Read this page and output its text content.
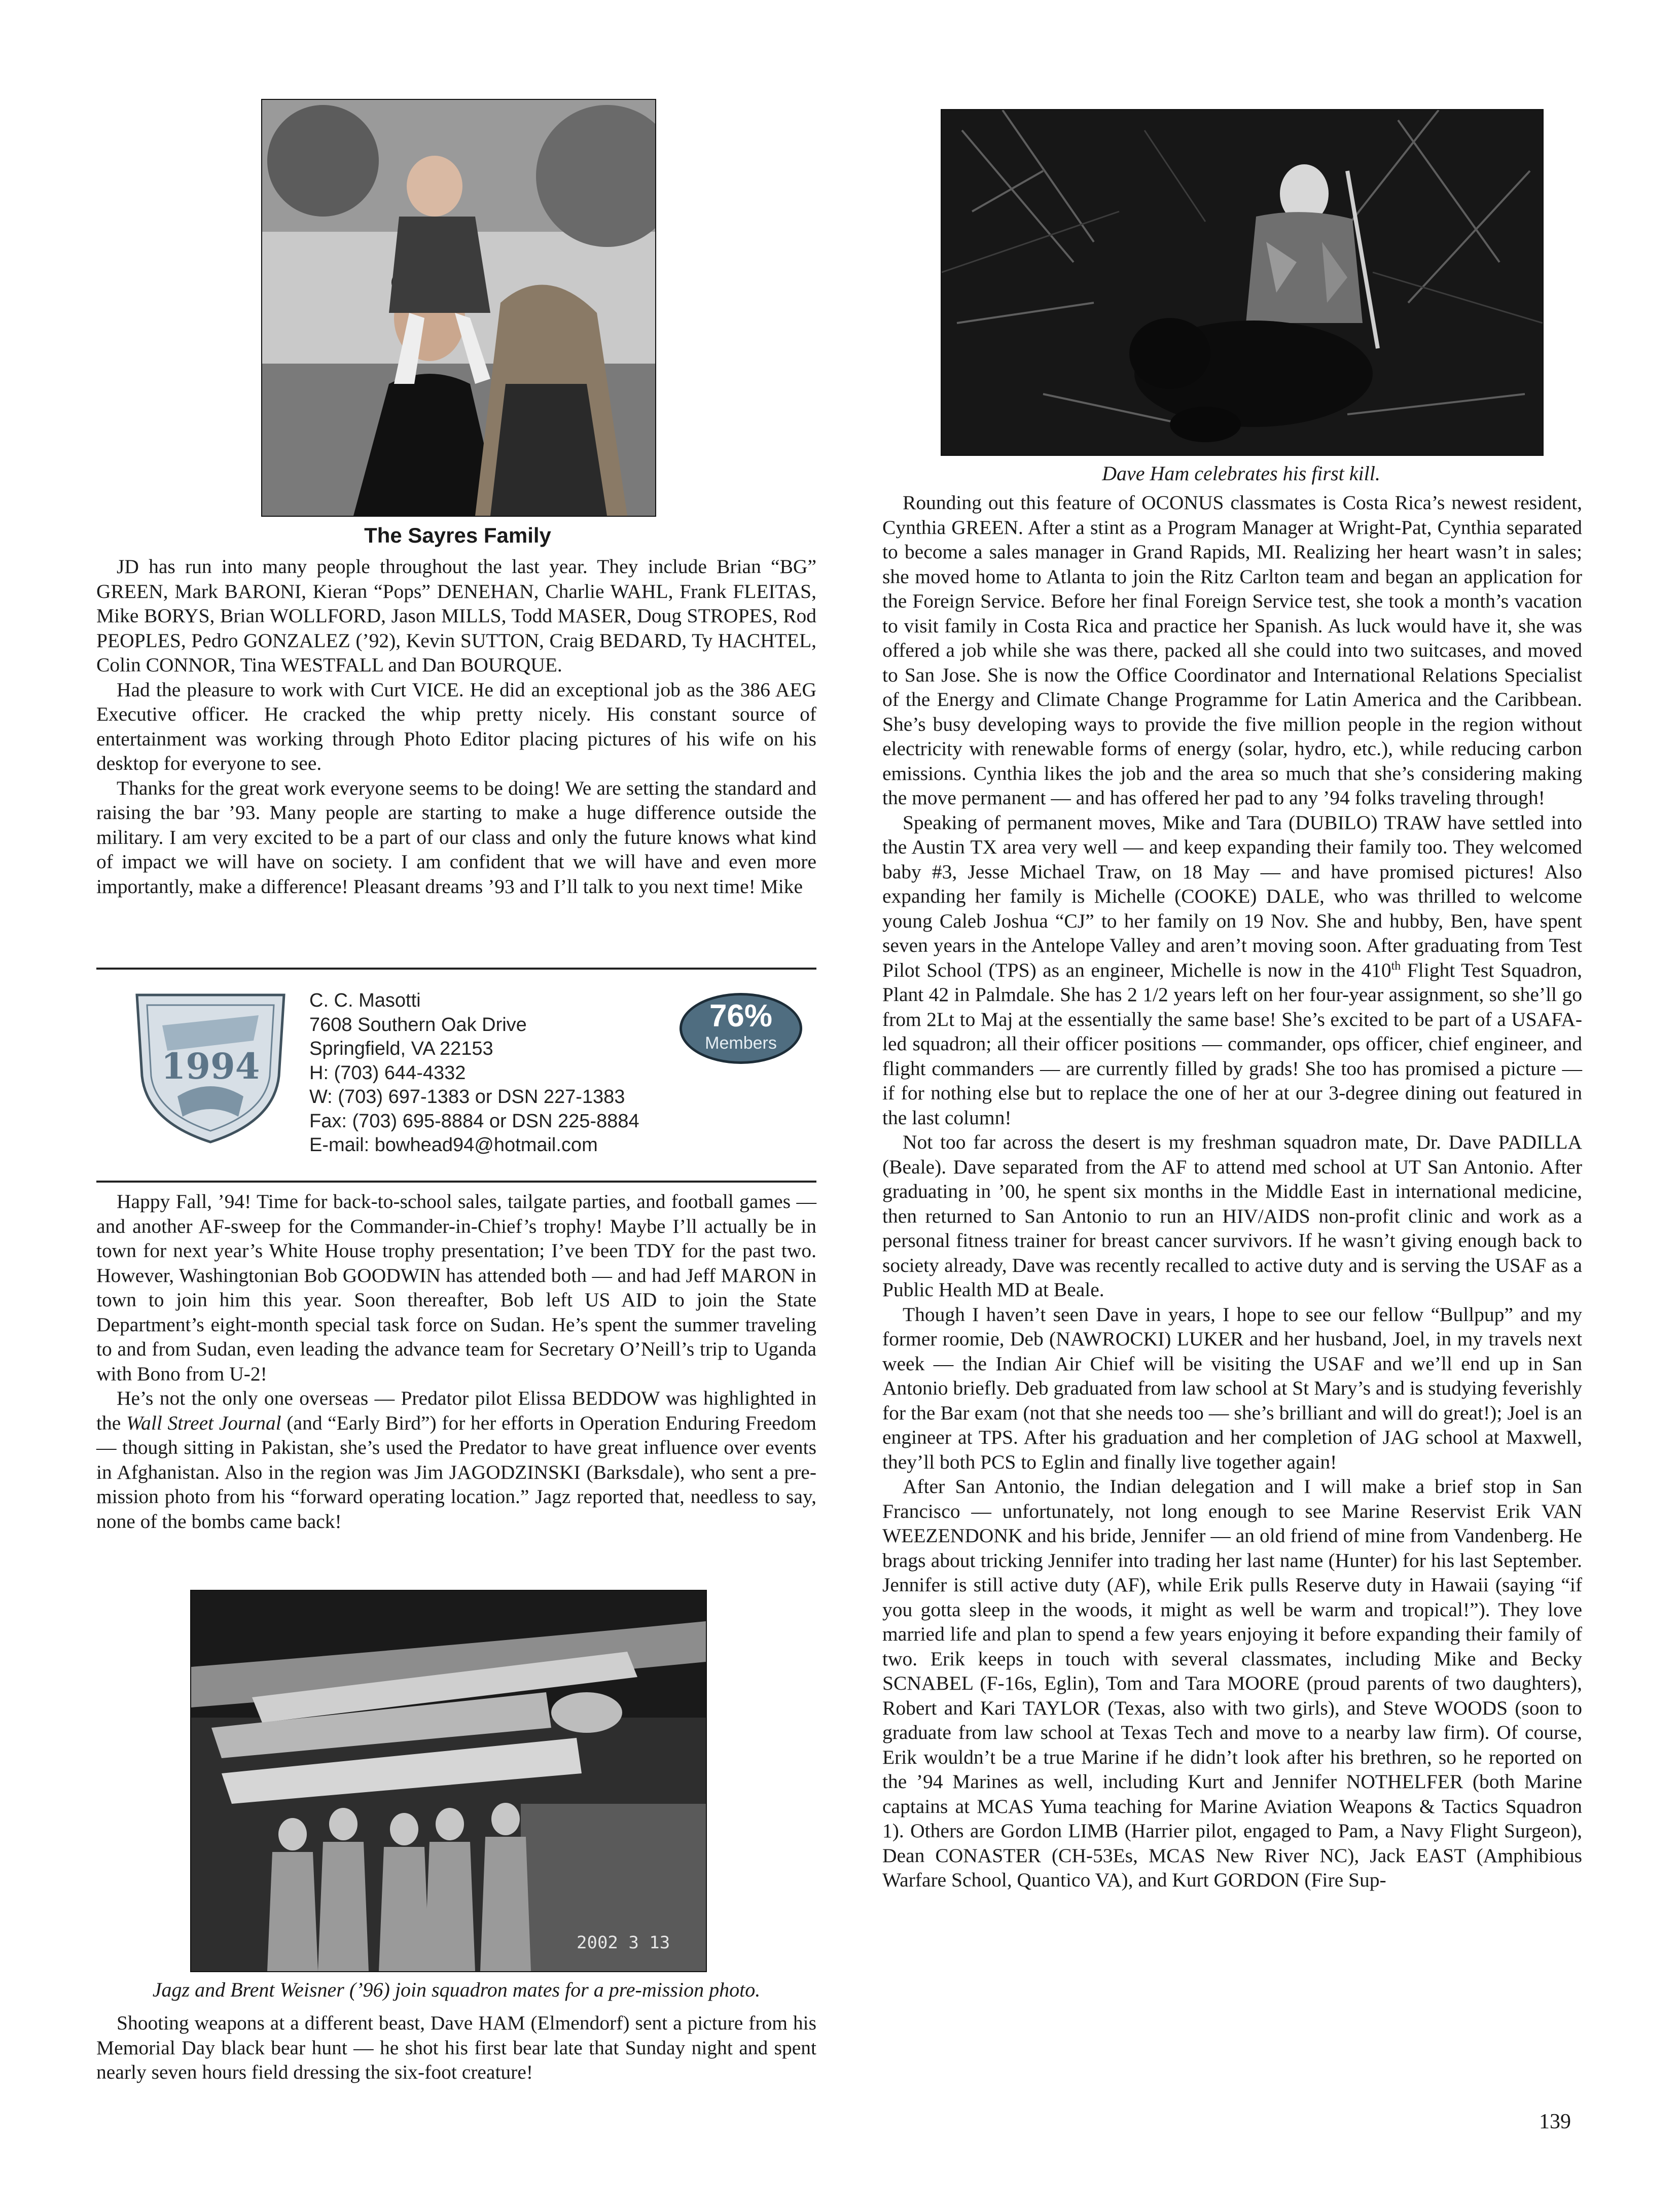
The Sayres Family

JD has run into many people throughout the last year. They include Brian “BG” GREEN, Mark BARONI, Kieran “Pops” DENEHAN, Charlie WAHL, Frank FLEITAS, Mike BORYS, Brian WOLLFORD, Jason MILLS, Todd MASER, Doug STROPES, Rod PEOPLES, Pedro GONZALEZ (’92), Kevin SUTTON, Craig BEDARD, Ty HACHTEL, Colin CONNOR, Tina WESTFALL and Dan BOURQUE.

Had the pleasure to work with Curt VICE. He did an exceptional job as the 386 AEG Executive officer. He cracked the whip pretty nicely. His constant source of entertainment was working through Photo Editor placing pictures of his wife on his desktop for everyone to see.

Thanks for the great work everyone seems to be doing! We are setting the standard and raising the bar ’93. Many people are starting to make a huge difference outside the military. I am very excited to be a part of our class and only the future knows what kind of impact we will have on society. I am confident that we will have and even more importantly, make a difference! Pleasant dreams ’93 and I’ll talk to you next time! Mike

1994
C. C. Masotti
7608 Southern Oak Drive
Springfield, VA 22153
H: (703) 644-4332
W: (703) 697-1383 or DSN 227-1383
Fax: (703) 695-8884 or DSN 225-8884
E-mail: bowhead94@hotmail.com
76%
Members

Happy Fall, ’94! Time for back-to-school sales, tailgate parties, and football games — and another AF-sweep for the Commander-in-Chief’s trophy! Maybe I’ll actually be in town for next year’s White House trophy presentation; I’ve been TDY for the past two. However, Washingtonian Bob GOODWIN has attended both — and had Jeff MARON in town to join him this year. Soon thereafter, Bob left US AID to join the State Department’s eight-month special task force on Sudan. He’s spent the summer traveling to and from Sudan, even leading the advance team for Secretary O’Neill’s trip to Uganda with Bono from U-2!

He’s not the only one overseas — Predator pilot Elissa BEDDOW was highlighted in the Wall Street Journal (and “Early Bird”) for her efforts in Operation Enduring Freedom — though sitting in Pakistan, she’s used the Predator to have great influence over events in Afghanistan. Also in the region was Jim JAGODZINSKI (Barksdale), who sent a pre-mission photo from his “forward operating location.” Jagz reported that, needless to say, none of the bombs came back!

2002 3 13
Jagz and Brent Weisner (’96) join squadron mates for a pre-mission photo.

Shooting weapons at a different beast, Dave HAM (Elmendorf) sent a picture from his Memorial Day black bear hunt — he shot his first bear late that Sunday night and spent nearly seven hours field dressing the six-foot creature!

Dave Ham celebrates his first kill.

Rounding out this feature of OCONUS classmates is Costa Rica’s newest resident, Cynthia GREEN. After a stint as a Program Manager at Wright-Pat, Cynthia separated to become a sales manager in Grand Rapids, MI. Realizing her heart wasn’t in sales; she moved home to Atlanta to join the Ritz Carlton team and began an application for the Foreign Service. Before her final Foreign Service test, she took a month’s vacation to visit family in Costa Rica and practice her Spanish. As luck would have it, she was offered a job while she was there, packed all she could into two suitcases, and moved to San Jose. She is now the Office Coordinator and International Relations Specialist of the Energy and Climate Change Programme for Latin America and the Caribbean. She’s busy developing ways to provide the five million people in the region without electricity with renewable forms of energy (solar, hydro, etc.), while reducing carbon emissions. Cynthia likes the job and the area so much that she’s considering making the move permanent — and has offered her pad to any ’94 folks traveling through!

Speaking of permanent moves, Mike and Tara (DUBILO) TRAW have settled into the Austin TX area very well — and keep expanding their family too. They welcomed baby #3, Jesse Michael Traw, on 18 May — and have promised pictures! Also expanding her family is Michelle (COOKE) DALE, who was thrilled to welcome young Caleb Joshua “CJ” to her family on 19 Nov. She and hubby, Ben, have spent seven years in the Antelope Valley and aren’t moving soon. After graduating from Test Pilot School (TPS) as an engineer, Michelle is now in the 410th Flight Test Squadron, Plant 42 in Palmdale. She has 2 1/2 years left on her four-year assignment, so she’ll go from 2Lt to Maj at the essentially the same base! She’s excited to be part of a USAFA-led squadron; all their officer positions — commander, ops officer, chief engineer, and flight commanders — are currently filled by grads! She too has promised a picture — if for nothing else but to replace the one of her at our 3-degree dining out featured in the last column!

Not too far across the desert is my freshman squadron mate, Dr. Dave PADILLA (Beale). Dave separated from the AF to attend med school at UT San Antonio. After graduating in ’00, he spent six months in the Middle East in international medicine, then returned to San Antonio to run an HIV/AIDS non-profit clinic and work as a personal fitness trainer for breast cancer survivors. If he wasn’t giving enough back to society already, Dave was recently recalled to active duty and is serving the USAF as a Public Health MD at Beale.

Though I haven’t seen Dave in years, I hope to see our fellow “Bullpup” and my former roomie, Deb (NAWROCKI) LUKER and her husband, Joel, in my travels next week — the Indian Air Chief will be visiting the USAF and we’ll end up in San Antonio briefly. Deb graduated from law school at St Mary’s and is studying feverishly for the Bar exam (not that she needs too — she’s brilliant and will do great!); Joel is an engineer at TPS. After his graduation and her completion of JAG school at Maxwell, they’ll both PCS to Eglin and finally live together again!

After San Antonio, the Indian delegation and I will make a brief stop in San Francisco — unfortunately, not long enough to see Marine Reservist Erik VAN WEEZENDONK and his bride, Jennifer — an old friend of mine from Vandenberg. He brags about tricking Jennifer into trading her last name (Hunter) for his last September. Jennifer is still active duty (AF), while Erik pulls Reserve duty in Hawaii (saying “if you gotta sleep in the woods, it might as well be warm and tropical!”). They love married life and plan to spend a few years enjoying it before expanding their family of two. Erik keeps in touch with several classmates, including Mike and Becky SCNABEL (F-16s, Eglin), Tom and Tara MOORE (proud parents of two daughters), Robert and Kari TAYLOR (Texas, also with two girls), and Steve WOODS (soon to graduate from law school at Texas Tech and move to a nearby law firm). Of course, Erik wouldn’t be a true Marine if he didn’t look after his brethren, so he reported on the ’94 Marines as well, including Kurt and Jennifer NOTHELFER (both Marine captains at MCAS Yuma teaching for Marine Aviation Weapons & Tactics Squadron 1). Others are Gordon LIMB (Harrier pilot, engaged to Pam, a Navy Flight Surgeon), Dean CONASTER (CH-53Es, MCAS New River NC), Jack EAST (Amphibious Warfare School, Quantico VA), and Kurt GORDON (Fire Sup-

139
